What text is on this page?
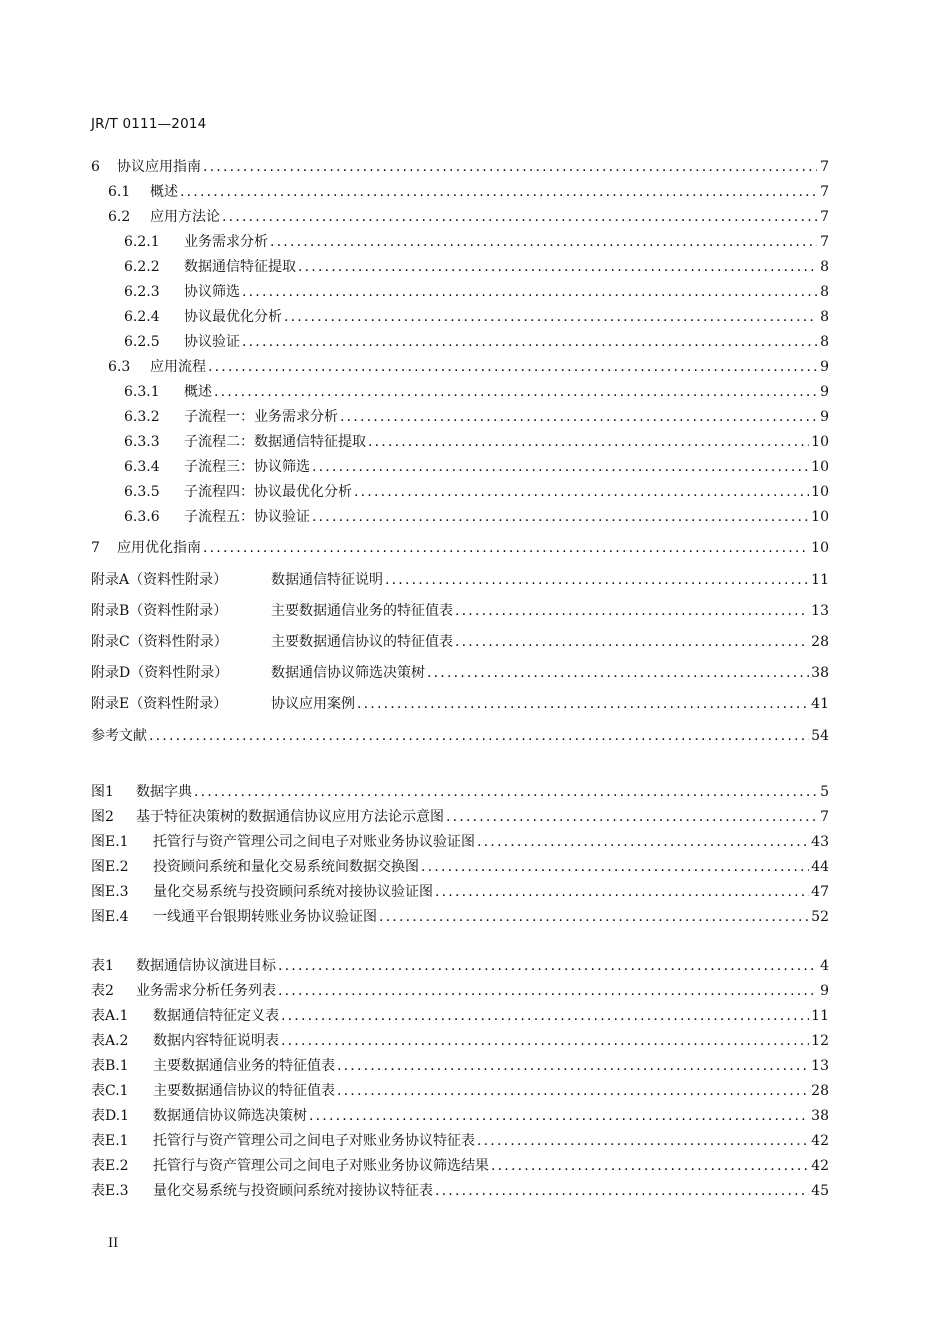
JR/T 0111—2014
6	协议应用指南 .....	7
6.1	概述 .....	7
6.2	应用方法论 .....	7
6.2.1	业务需求分析 .....	7
6.2.2	数据通信特征提取 .....	8
6.2.3	协议筛选 .....	8
6.2.4	协议最优化分析 .....	8
6.2.5	协议验证 .....	8
6.3	应用流程 .....	9
6.3.1	概述 .....	9
6.3.2	子流程一：业务需求分析 .....	9
6.3.3	子流程二：数据通信特征提取 .....	10
6.3.4	子流程三：协议筛选 .....	10
6.3.5	子流程四：协议最优化分析 .....	10
6.3.6	子流程五：协议验证 .....	10
7	应用优化指南 .....	10
附录A（资料性附录）	数据通信特征说明 .....	11
附录B（资料性附录）	主要数据通信业务的特征值表 .....	13
附录C（资料性附录）	主要数据通信协议的特征值表 .....	28
附录D（资料性附录）	数据通信协议筛选决策树 .....	38
附录E（资料性附录）	协议应用案例 .....	41
参考文献 .....	54
图1	数据字典 .....	5
图2	基于特征决策树的数据通信协议应用方法论示意图 .....	7
图E.1	托管行与资产管理公司之间电子对账业务协议验证图 .....	43
图E.2	投资顾问系统和量化交易系统间数据交换图 .....	44
图E.3	量化交易系统与投资顾问系统对接协议验证图 .....	47
图E.4	一线通平台银期转账业务协议验证图 .....	52
表1	数据通信协议演进目标 .....	4
表2	业务需求分析任务列表 .....	9
表A.1	数据通信特征定义表 .....	11
表A.2	数据内容特征说明表 .....	12
表B.1	主要数据通信业务的特征值表 .....	13
表C.1	主要数据通信协议的特征值表 .....	28
表D.1	数据通信协议筛选决策树 .....	38
表E.1	托管行与资产管理公司之间电子对账业务协议特征表 .....	42
表E.2	托管行与资产管理公司之间电子对账业务协议筛选结果 .....	42
表E.3	量化交易系统与投资顾问系统对接协议特征表 .....	45
II
